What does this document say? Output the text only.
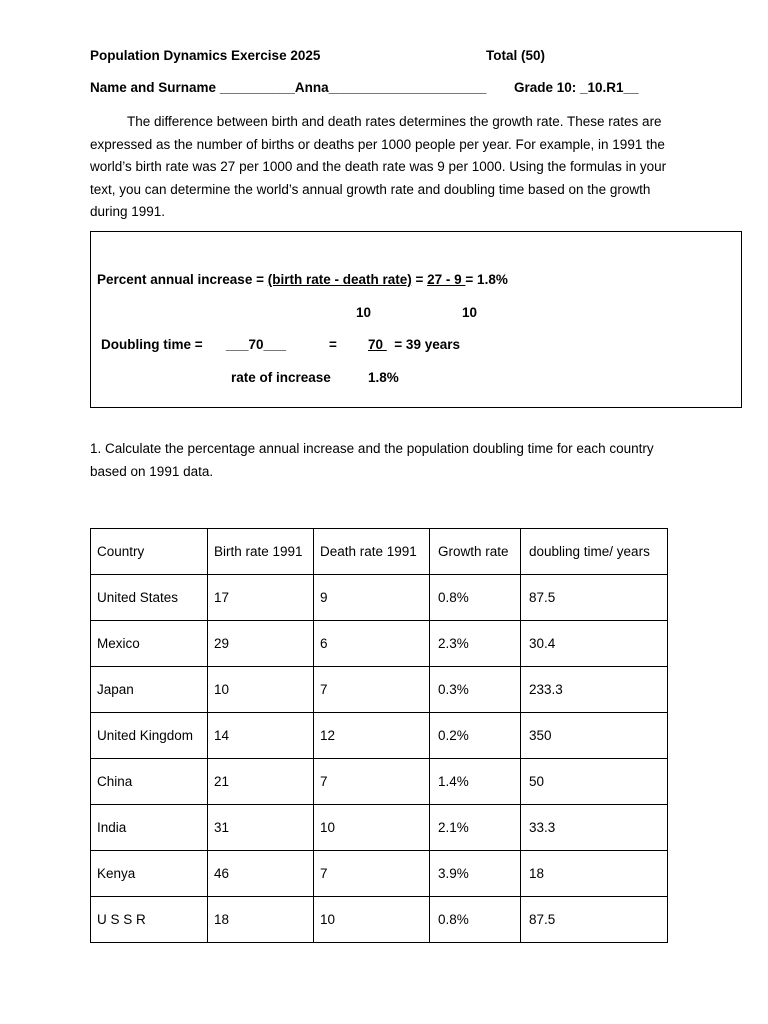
Population Dynamics Exercise 2025	Total (50)
Name and Surname __________Anna_____________________ Grade 10: _10.R1__
The difference between birth and death rates determines the growth rate. These rates are expressed as the number of births or deaths per 1000 people per year. For example, in 1991 the world’s birth rate was 27 per 1000 and the death rate was 9 per 1000. Using the formulas in your text, you can determine the world’s annual growth rate and doubling time based on the growth during 1991.
Percent annual increase = (birth rate - death rate) = 27 - 9 = 1.8%
10	10
Doubling time = ___70___	= 70   = 39 years
rate of increase	1.8%
1. Calculate the percentage annual increase and the population doubling time for each country based on 1991 data.
Country	Birth rate 1991	Death rate 1991	Growth rate	doubling time/ years
United States	17	9	0.8%	87.5
Mexico	29	6	2.3%	30.4
Japan	10	7	0.3%	233.3
United Kingdom	14	12	0.2%	350
China	21	7	1.4%	50
India	31	10	2.1%	33.3
Kenya	46	7	3.9%	18
U S S R	18	10	0.8%	87.5
